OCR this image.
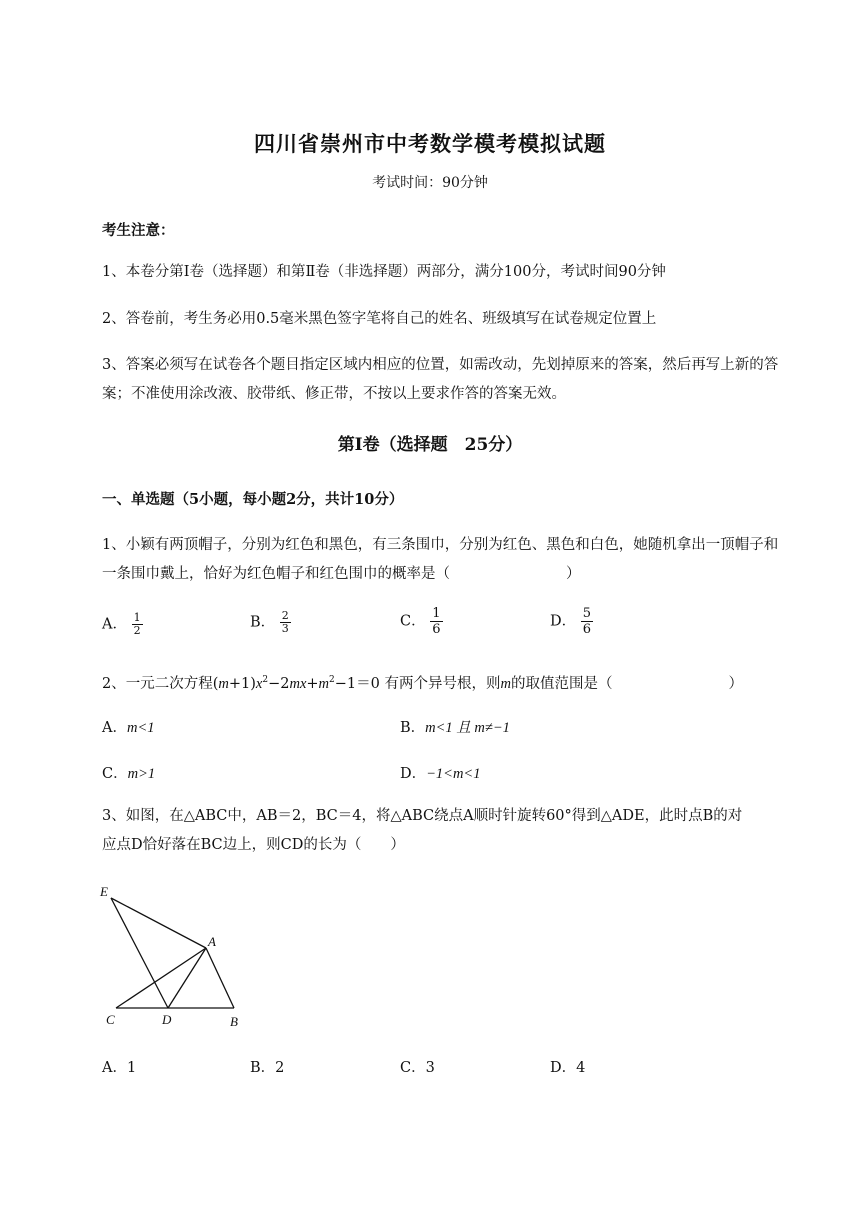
四川省崇州市中考数学模考模拟试题
考试时间：90分钟
考生注意：
1、本卷分第Ⅰ卷（选择题）和第Ⅱ卷（非选择题）两部分，满分100分，考试时间90分钟
2、答卷前，考生务必用0.5毫米黑色签字笔将自己的姓名、班级填写在试卷规定位置上
3、答案必须写在试卷各个题目指定区域内相应的位置，如需改动，先划掉原来的答案，然后再写上新的答案；不准使用涂改液、胶带纸、修正带，不按以上要求作答的答案无效。
第Ⅰ卷（选择题　25分）
一、单选题（5小题，每小题2分，共计10分）
1、小颖有两顶帽子，分别为红色和黑色，有三条围巾，分别为红色、黑色和白色，她随机拿出一顶帽子和一条围巾戴上，恰好为红色帽子和红色围巾的概率是（　　　　　　　　）
A． $\frac{1}{2}$	B． $\frac{2}{3}$	C． $\frac{1}{6}$	D． $\frac{5}{6}$
2、一元二次方程$(m+1)x^2-2mx+m^2-1=0$ 有两个异号根，则m的取值范围是（　　　　　　　　）
A．m<1	B．m<1 且 m≠−1
C．m>1	D．−1<m<1
3、如图，在△ABC中，AB＝2，BC＝4，将△ABC绕点A顺时针旋转60°得到△ADE，此时点B的对
应点D恰好落在BC边上，则CD的长为（　　）
E
A
C	D	B
A．1	B．2	C．3	D．4
